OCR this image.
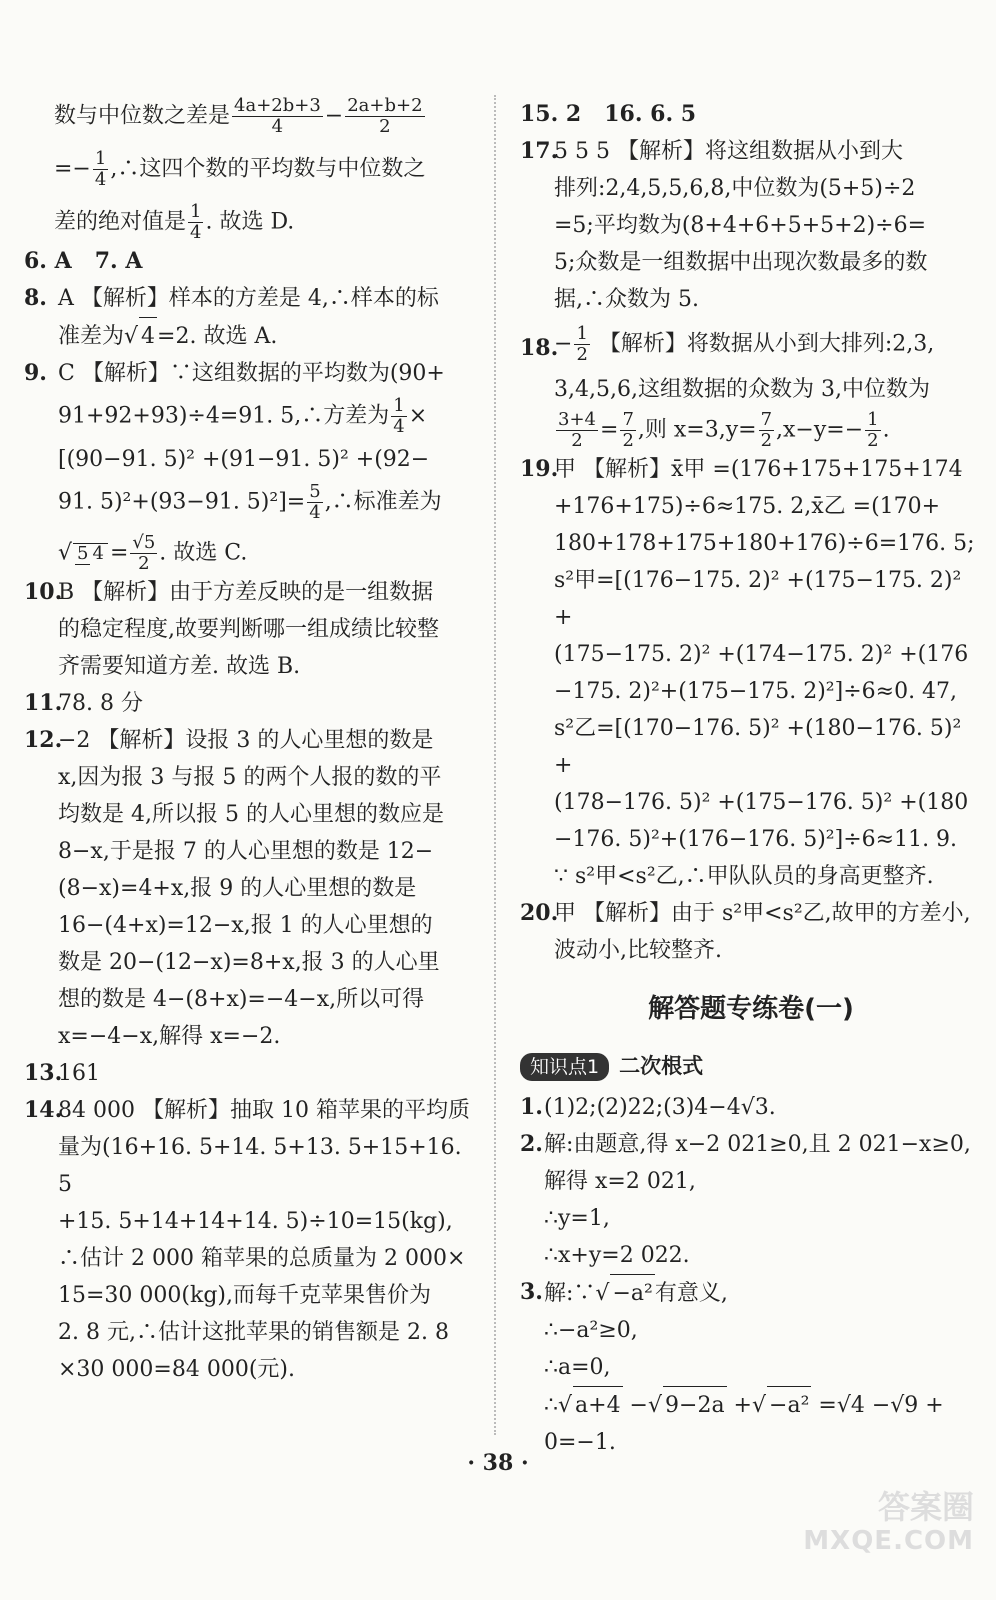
数与中位数之差是 $\frac{4a+2b+3}{4} - \frac{2a+b+2}{2}$
=− $\frac{1}{4}$ ,∴这四个数的平均数与中位数之
差的绝对值是 $\frac{1}{4}$ . 故选 D.
6. A 7. A
8. A 【解析】样本的方差是 4,∴样本的标
准差为√ 4=2. 故选 A.
9. C 【解析】∵这组数据的平均数为(90+
91+92+93)÷4=91. 5,∴方差为 $\frac{1}{4}$ ×
[(90−91. 5)² +(91−91. 5)² +(92−
91. 5)²+(93−91. $5)^2]= \frac{5}{4}$ ,∴标准差为
√ 5 $4 = \frac{√5}{2}$ . 故选 C.
10.
B 【解析】由于方差反映的是一组数据
的稳定程度,故要判断哪一组成绩比较整
齐需要知道方差. 故选 B.
11.
78. 8 分
12.
−2 【解析】设报 3 的人心里想的数是
x,因为报 3 与报 5 的两个人报的数的平
均数是 4,所以报 5 的人心里想的数应是
8−x,于是报 7 的人心里想的数是 12−
(8−x)=4+x,报 9 的人心里想的数是
16−(4+x)=12−x,报 1 的人心里想的
数是 20−(12−x)=8+x,报 3 的人心里
想的数是 4−(8+x)=−4−x,所以可得
x=−4−x,解得 x=−2.
13.
161
14.
84 000 【解析】抽取 10 箱苹果的平均质
量为(16+16. 5+14. 5+13. 5+15+16. 5
+15. 5+14+14+14. 5)÷10=15(kg),
∴估计 2 000 箱苹果的总质量为 2 000×
15=30 000(kg),而每千克苹果售价为
2. 8 元,∴估计这批苹果的销售额是 2. 8
×30 000=84 000(元).
15. 2 16. 6. 5
17.
5 5 5 【解析】将这组数据从小到大
排列:2,4,5,5,6,8,中位数为(5+5)÷2
=5;平均数为(8+4+6+5+5+2)÷6=
5;众数是一组数据中出现次数最多的数
据,∴众数为 5.
18.
− $\frac{1}{2}$ 【解析】将数据从小到大排列:2,3,
3,4,5,6,这组数据的众数为 3,中位数为
$\frac{3+4}{2} = \frac{7}{2}$ ,则 $x=3,y= \frac{7}{2} ,x-y=- \frac{1}{2}$ .
19.
甲 【解析】x̄甲 =(176+175+175+174
+176+175)÷6≈175. 2,x̄乙 =(170+
180+178+175+180+176)÷6=176. 5;
s²甲=[(176−175. 2)² +(175−175. 2)² +
(175−175. 2)² +(174−175. 2)² +(176
−175. 2)²+(175−175. 2)²]÷6≈0. 47,
s²乙=[(170−176. 5)² +(180−176. 5)² +
(178−176. 5)² +(175−176. 5)² +(180
−176. 5)²+(176−176. 5)²]÷6≈11. 9.
∵ s²甲<s²乙,∴甲队队员的身高更整齐.
20.
甲 【解析】由于 s²甲<s²乙,故甲的方差小,
波动小,比较整齐.
解答题专练卷(一)
知识点1 二次根式
1. (1)2;(2)22;(3)4−4√3.
2. 解:由题意,得 x−2 021≥0,且 2 021−x≥0,
解得 x=2 021,
∴y=1,
∴x+y=2 022.
3. 解:∵√ −a²有意义,
∴−a²≥0,
∴a=0,
∴√ a+4 −√ 9−2a +√ −a² =√4 −√9 +
0=−1.
· 38 ·
答案圈
MXQE.COM
